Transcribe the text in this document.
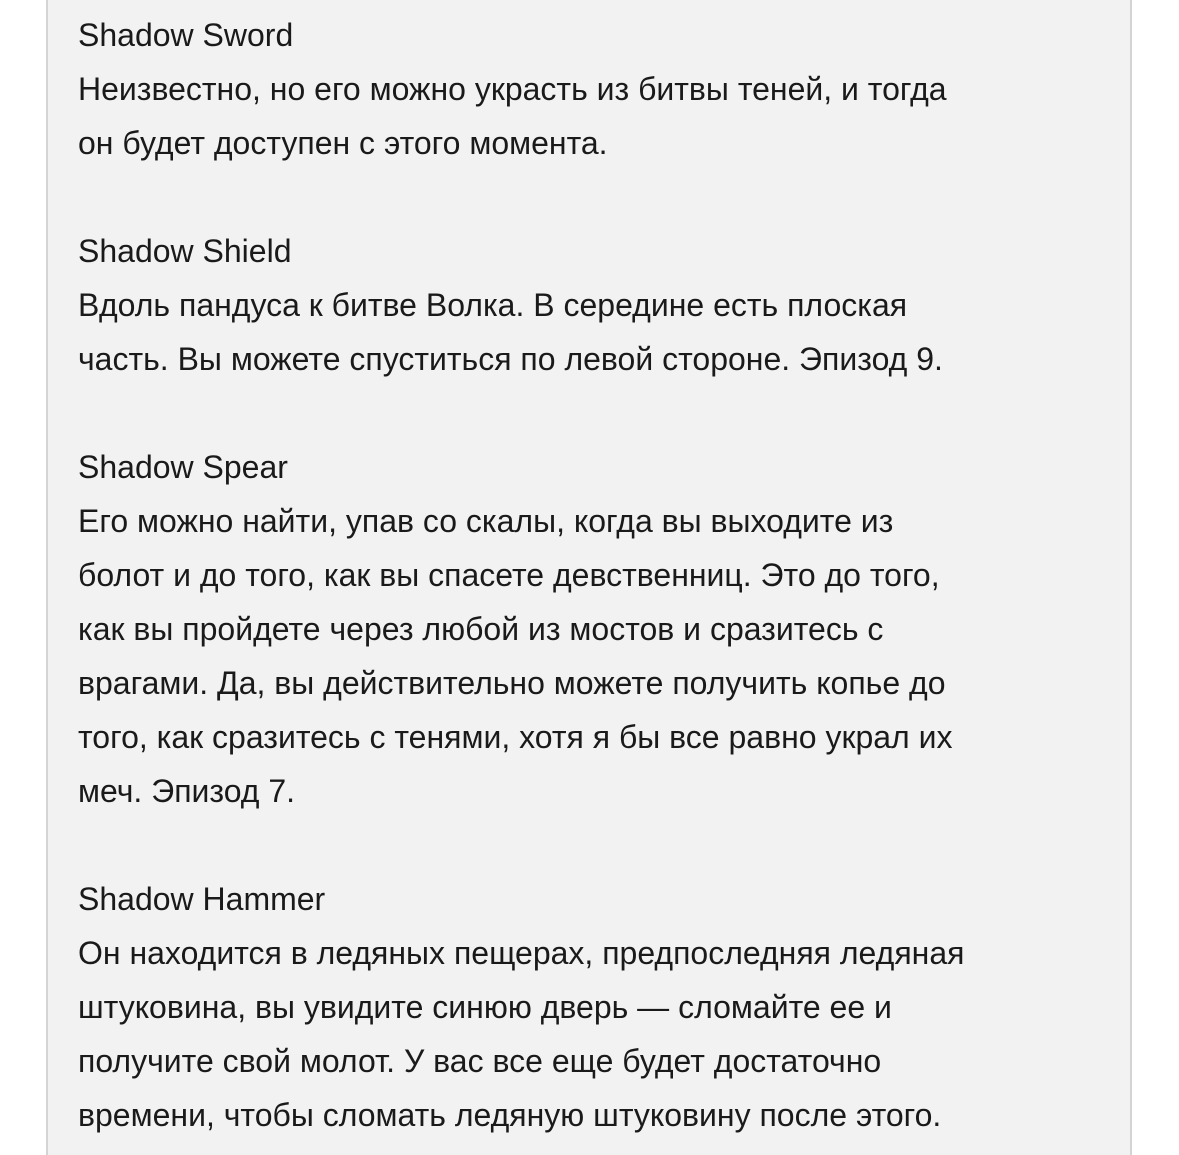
Shadow Sword

Неизвестно, но его можно украсть из битвы теней, и тогда
он будет доступен с этого момента.

Shadow Shield

Вдоль пандуса к битве Волка. В середине есть плоская
часть. Вы можете спуститься по левой стороне. Эпизод 9.

Shadow Spear

Его можно найти, упав со скалы, когда вы выходите из
болот и до того, как вы спасете девственниц. Это до того,
как вы пройдете через любой из мостов и сразитесь с
врагами. Да, вы действительно можете получить копье до
того, как сразитесь с тенями, хотя я бы все равно украл их
меч. Эпизод 7.

Shadow Hammer

Он находится в ледяных пещерах, предпоследняя ледяная
штуковина, вы увидите синюю дверь — сломайте ее и
получите свой молот. У вас все еще будет достаточно
времени, чтобы сломать ледяную штуковину после этого.
